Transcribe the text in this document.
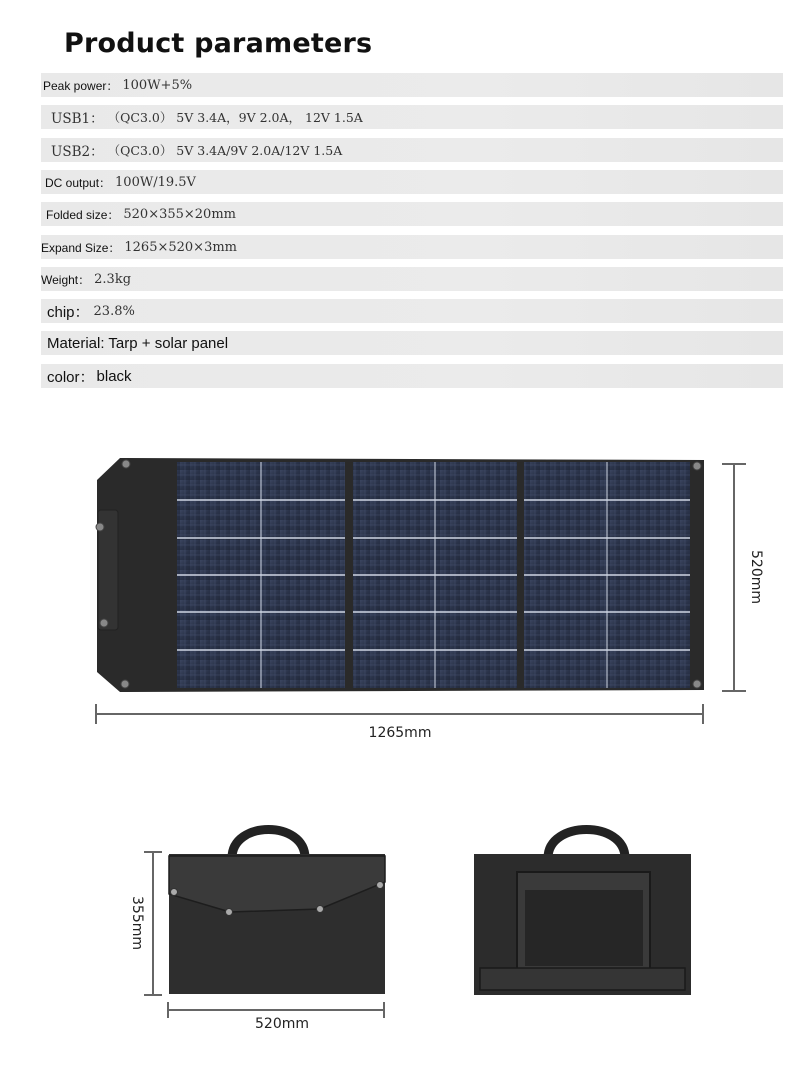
Product parameters
Peak power： 100W+5%
USB1： （QC3.0） 5V 3.4A，9V 2.0A， 12V 1.5A
USB2： （QC3.0） 5V 3.4A/9V 2.0A/12V 1.5A
DC output： 100W/19.5V
Folded size： 520×355×20mm
Expand Size： 1265×520×3mm
Weight： 2.3kg
chip： 23.8%
Material: Tarp + solar panel
color： black
520mm
1265mm
355mm
520mm
